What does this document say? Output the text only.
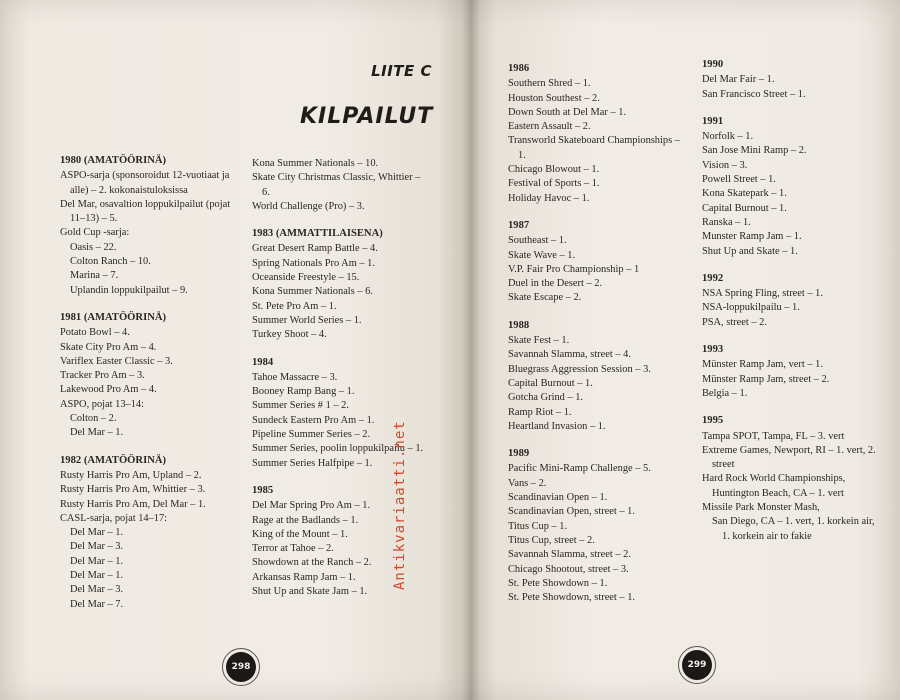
LIITE C
KILPAILUT
1980 (AMATÖÖRINÄ)
ASPO-sarja (sponsoroidut 12-vuotiaat ja alle) – 2. kokonaistuloksissa
Del Mar, osavaltion loppukilpailut (pojat 11–13) – 5.
Gold Cup -sarja:
Oasis – 22.
Colton Ranch – 10.
Marina – 7.
Uplandin loppukilpailut – 9.
1981 (AMATÖÖRINÄ)
Potato Bowl – 4.
Skate City Pro Am – 4.
Variflex Easter Classic – 3.
Tracker Pro Am – 3.
Lakewood Pro Am – 4.
ASPO, pojat 13–14:
Colton – 2.
Del Mar – 1.
1982 (AMATÖÖRINÄ)
Rusty Harris Pro Am, Upland – 2.
Rusty Harris Pro Am, Whittier – 3.
Rusty Harris Pro Am, Del Mar – 1.
CASL-sarja, pojat 14–17:
Del Mar – 1.
Del Mar – 3.
Del Mar – 1.
Del Mar – 1.
Del Mar – 3.
Del Mar – 7.
Kona Summer Nationals – 10.
Skate City Christmas Classic, Whittier – 6.
World Challenge (Pro) – 3.
1983 (AMMATTILAISENA)
Great Desert Ramp Battle – 4.
Spring Nationals Pro Am – 1.
Oceanside Freestyle – 15.
Kona Summer Nationals – 6.
St. Pete Pro Am – 1.
Summer World Series – 1.
Turkey Shoot – 4.
1984
Tahoe Massacre – 3.
Booney Ramp Bang – 1.
Summer Series # 1 – 2.
Sundeck Eastern Pro Am – 1.
Pipeline Summer Series – 2.
Summer Series, poolin loppukilpailu – 1.
Summer Series Halfpipe – 1.
1985
Del Mar Spring Pro Am – 1.
Rage at the Badlands – 1.
King of the Mount – 1.
Terror at Tahoe – 2.
Showdown at the Ranch – 2.
Arkansas Ramp Jam – 1.
Shut Up and Skate Jam – 1.
298	299
1986
Southern Shred – 1.
Houston Southest – 2.
Down South at Del Mar – 1.
Eastern Assault – 2.
Transworld Skateboard Championships – 1.
Chicago Blowout – 1.
Festival of Sports – 1.
Holiday Havoc – 1.
1987
Southeast – 1.
Skate Wave – 1.
V.P. Fair Pro Championship – 1
Duel in the Desert – 2.
Skate Escape – 2.
1988
Skate Fest – 1.
Savannah Slamma, street – 4.
Bluegrass Aggression Session – 3.
Capital Burnout – 1.
Gotcha Grind – 1.
Ramp Riot – 1.
Heartland Invasion – 1.
1989
Pacific Mini-Ramp Challenge – 5.
Vans – 2.
Scandinavian Open – 1.
Scandinavian Open, street – 1.
Titus Cup – 1.
Titus Cup, street – 2.
Savannah Slamma, street – 2.
Chicago Shootout, street – 3.
St. Pete Showdown – 1.
St. Pete Showdown, street – 1.
1990
Del Mar Fair – 1.
San Francisco Street – 1.
1991
Norfolk – 1.
San Jose Mini Ramp – 2.
Vision – 3.
Powell Street – 1.
Kona Skatepark – 1.
Capital Burnout – 1.
Ranska – 1.
Munster Ramp Jam – 1.
Shut Up and Skate – 1.
1992
NSA Spring Fling, street – 1.
NSA-loppukilpailu – 1.
PSA, street – 2.
1993
Münster Ramp Jam, vert – 1.
Münster Ramp Jam, street – 2.
Belgia – 1.
1995
Tampa SPOT, Tampa, FL – 3. vert
Extreme Games, Newport, RI – 1. vert, 2. street
Hard Rock World Championships, Huntington Beach, CA – 1. vert
Missile Park Monster Mash,
San Diego, CA – 1. vert, 1. korkein air, 1. korkein air to fakie
Antikvariaatti.net
